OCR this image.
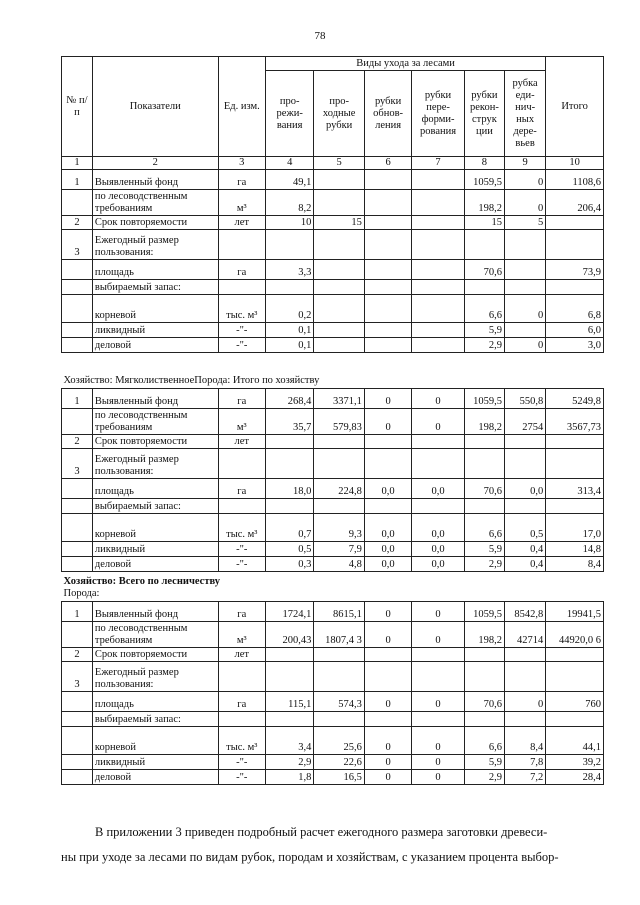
78
№ п/п	Показатели	Ед. изм.	Виды ухода за лесами						Итого
			про-режи-вания	про-ходные рубки	рубки обнов-ления	рубки пере-форми-рования	рубки рекон-струк ции	рубка еди-нич-ных дере-вьев	
1	2	3	4	5	6	7	8	9	10
1	Выявленный фонд	га	49,1				1059,5	0	1108,6
	по лесоводственным требованиям	м³	8,2				198,2	0	206,4
2	Срок повторяемости	лет	10	15			15	5	
3	Ежегодный размер пользования:								
	площадь	га	3,3				70,6		73,9
	выбираемый запас:								
	корневой	тыс. м³	0,2				6,6	0	6,8
	ликвидный	-"-	0,1				5,9		6,0
	деловой	-"-	0,1				2,9	0	3,0

Хозяйство: МягколиственноеПорода: Итого по хозяйству									

1	Выявленный фонд	га	268,4	3371,1	0	0	1059,5	550,8	5249,8
	по лесоводственным требованиям	м³	35,7	579,83	0	0	198,2	2754	3567,73
2	Срок повторяемости	лет							
3	Ежегодный размер пользования:								
	площадь	га	18,0	224,8	0,0	0,0	70,6	0,0	313,4
	выбираемый запас:								
	корневой	тыс. м³	0,7	9,3	0,0	0,0	6,6	0,5	17,0
	ликвидный	-"-	0,5	7,9	0,0	0,0	5,9	0,4	14,8
	деловой	-"-	0,3	4,8	0,0	0,0	2,9	0,4	8,4

Хозяйство: Всего по лесничеству
Порода:									

1	Выявленный фонд	га	1724,1	8615,1	0	0	1059,5	8542,8	19941,5
	по лесоводственным требованиям	м³	200,43	1807,4 3	0	0	198,2	42714	44920,0 6
2	Срок повторяемости	лет							
3	Ежегодный размер пользования:								
	площадь	га	115,1	574,3	0	0	70,6	0	760
	выбираемый запас:								
	корневой	тыс. м³	3,4	25,6	0	0	6,6	8,4	44,1
	ликвидный	-"-	2,9	22,6	0	0	5,9	7,8	39,2
	деловой	-"-	1,8	16,5	0	0	2,9	7,2	28,4
В приложении 3 приведен подробный расчет ежегодного размера заготовки древеси-
ны при уходе за лесами по видам рубок, породам и хозяйствам, с указанием процента выбор-
